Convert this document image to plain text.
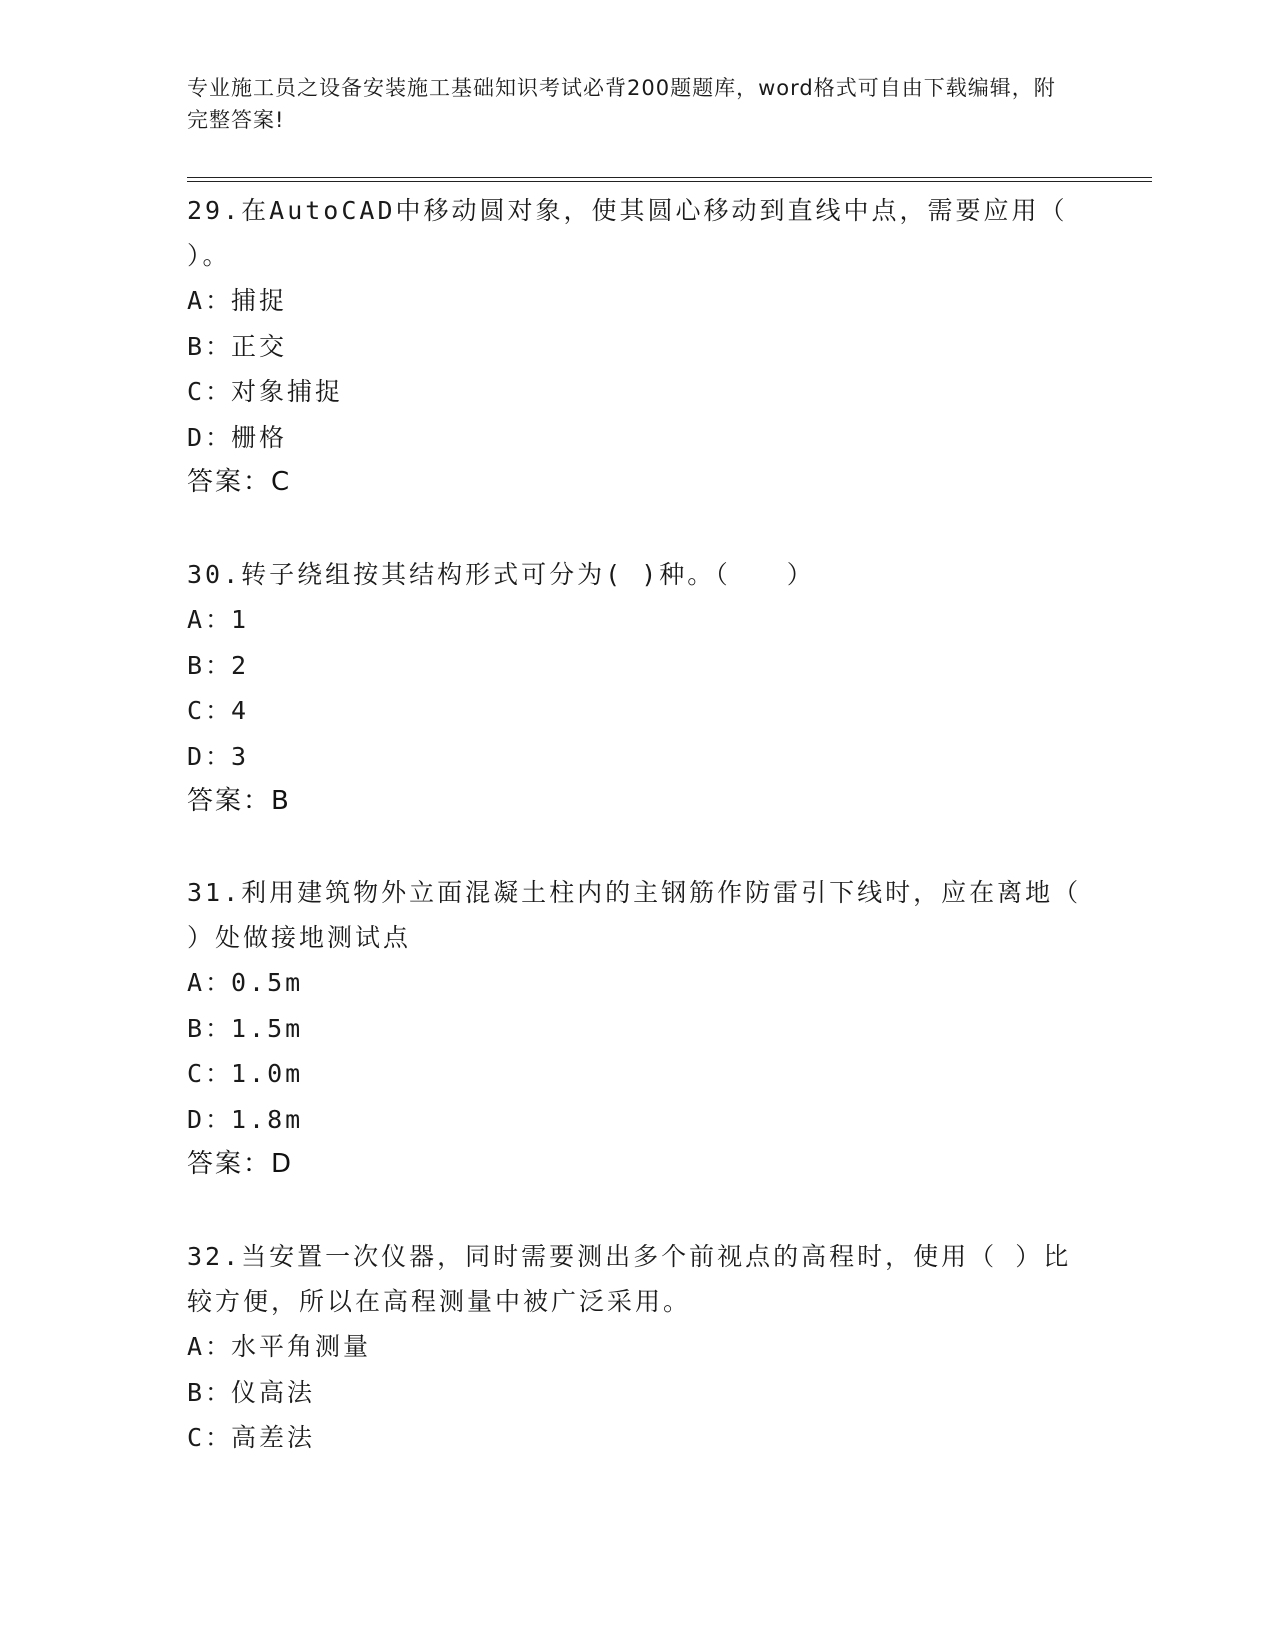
专业施工员之设备安装施工基础知识考试必背200题题库，word格式可自由下载编辑，附完整答案!

29.在AutoCAD中移动圆对象，使其圆心移动到直线中点，需要应用（ ）。

A：捕捉
B：正交
C：对象捕捉
D：栅格
答案：C

30.转子绕组按其结构形式可分为( )种。（　　）

A：1
B：2
C：4
D：3
答案：B

31.利用建筑物外立面混凝土柱内的主钢筋作防雷引下线时，应在离地（ ）处做接地测试点

A：0.5m
B：1.5m
C：1.0m
D：1.8m
答案：D

32.当安置一次仪器，同时需要测出多个前视点的高程时，使用（ ）比较方便，所以在高程测量中被广泛采用。

A：水平角测量
B：仪高法
C：高差法
